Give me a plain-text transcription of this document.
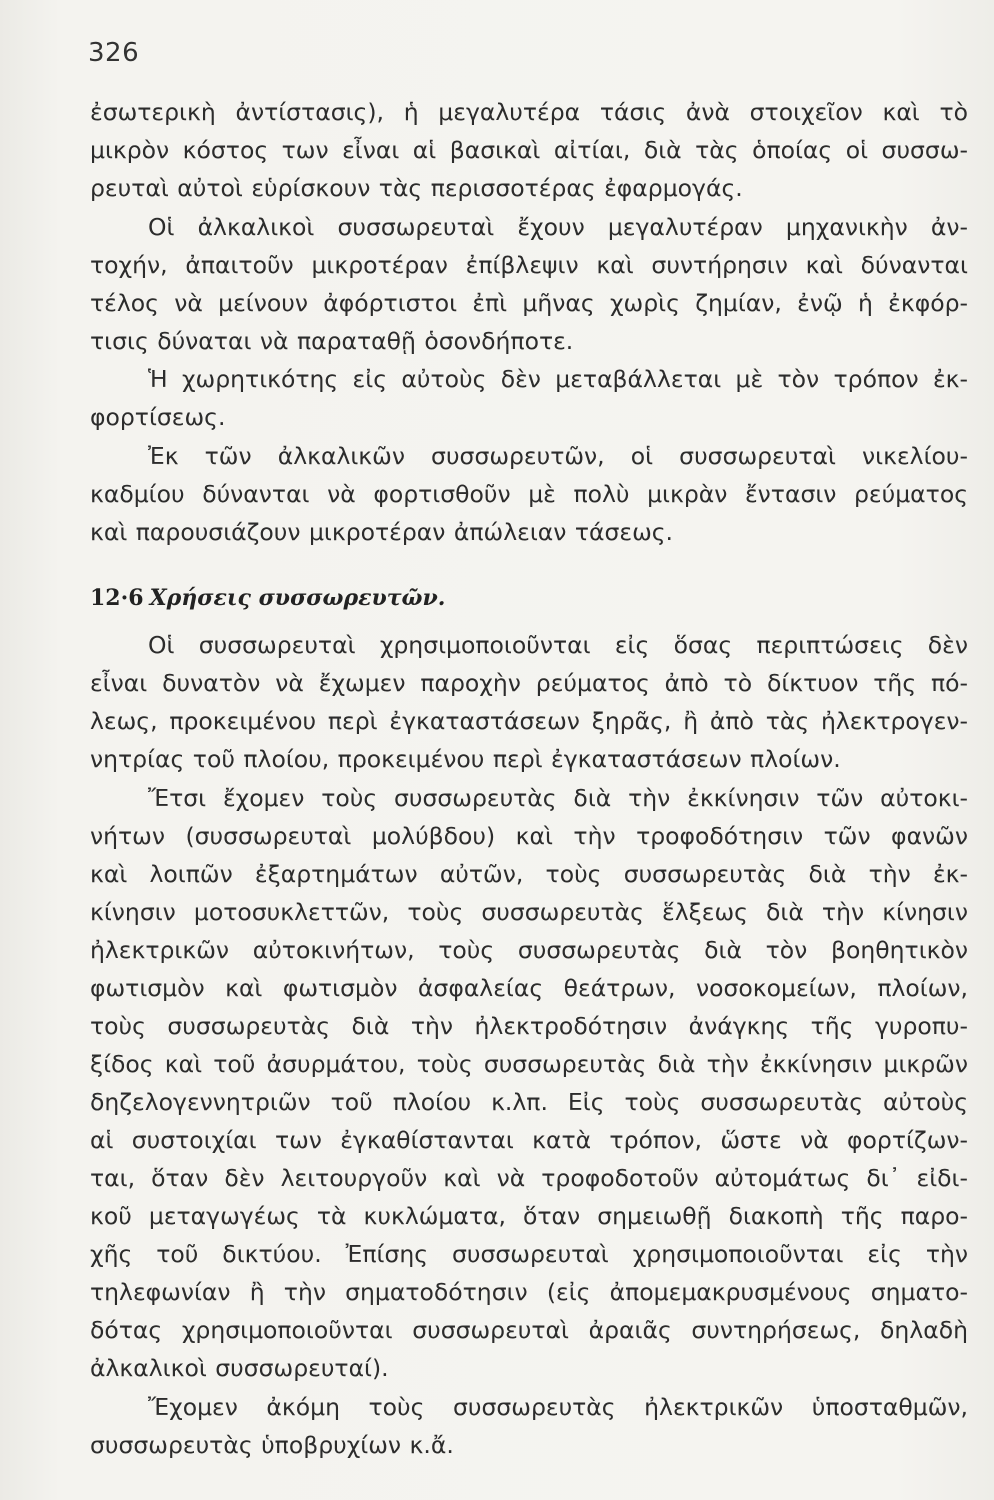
326
ἐσωτερικὴ ἀντίστασις), ἡ μεγαλυτέρα τάσις ἀνὰ στοιχεῖον καὶ τὸ
μικρὸν κόστος των εἶναι αἱ βασικαὶ αἰτίαι, διὰ τὰς ὁποίας οἱ συσσω-
ρευταὶ αὐτοὶ εὑρίσκουν τὰς περισσοτέρας ἐφαρμογάς.
Οἱ ἀλκαλικοὶ συσσωρευταὶ ἔχουν μεγαλυτέραν μηχανικὴν ἀν-
τοχήν, ἀπαιτοῦν μικροτέραν ἐπίβλεψιν καὶ συντήρησιν καὶ δύνανται
τέλος νὰ μείνουν ἀφόρτιστοι ἐπὶ μῆνας χωρὶς ζημίαν, ἐνῷ ἡ ἐκφόρ-
τισις δύναται νὰ παραταθῇ ὁσονδήποτε.
Ἡ χωρητικότης εἰς αὐτοὺς δὲν μεταβάλλεται μὲ τὸν τρόπον ἐκ-
φορτίσεως.
Ἐκ τῶν ἀλκαλικῶν συσσωρευτῶν, οἱ συσσωρευταὶ νικελίου-
καδμίου δύνανται νὰ φορτισθοῦν μὲ πολὺ μικρὰν ἔντασιν ρεύματος
καὶ παρουσιάζουν μικροτέραν ἀπώλειαν τάσεως.
12·6 Χρήσεις συσσωρευτῶν.
Οἱ συσσωρευταὶ χρησιμοποιοῦνται εἰς ὅσας περιπτώσεις δὲν
εἶναι δυνατὸν νὰ ἔχωμεν παροχὴν ρεύματος ἀπὸ τὸ δίκτυον τῆς πό-
λεως, προκειμένου περὶ ἐγκαταστάσεων ξηρᾶς, ἢ ἀπὸ τὰς ἠλεκτρογεν-
νητρίας τοῦ πλοίου, προκειμένου περὶ ἐγκαταστάσεων πλοίων.
Ἔτσι ἔχομεν τοὺς συσσωρευτὰς διὰ τὴν ἐκκίνησιν τῶν αὐτοκι-
νήτων (συσσωρευταὶ μολύβδου) καὶ τὴν τροφοδότησιν τῶν φανῶν
καὶ λοιπῶν ἐξαρτημάτων αὐτῶν, τοὺς συσσωρευτὰς διὰ τὴν ἐκ-
κίνησιν μοτοσυκλεττῶν, τοὺς συσσωρευτὰς ἕλξεως διὰ τὴν κίνησιν
ἠλεκτρικῶν αὐτοκινήτων, τοὺς συσσωρευτὰς διὰ τὸν βοηθητικὸν
φωτισμὸν καὶ φωτισμὸν ἀσφαλείας θεάτρων, νοσοκομείων, πλοίων,
τοὺς συσσωρευτὰς διὰ τὴν ἠλεκτροδότησιν ἀνάγκης τῆς γυροπυ-
ξίδος καὶ τοῦ ἀσυρμάτου, τοὺς συσσωρευτὰς διὰ τὴν ἐκκίνησιν μικρῶν
δηζελογεννητριῶν τοῦ πλοίου κ.λπ. Εἰς τοὺς συσσωρευτὰς αὐτοὺς
αἱ συστοιχίαι των ἐγκαθίστανται κατὰ τρόπον, ὥστε νὰ φορτίζων-
ται, ὅταν δὲν λειτουργοῦν καὶ νὰ τροφοδοτοῦν αὐτομάτως δι᾽ εἰδι-
κοῦ μεταγωγέως τὰ κυκλώματα, ὅταν σημειωθῇ διακοπὴ τῆς παρο-
χῆς τοῦ δικτύου. Ἐπίσης συσσωρευταὶ χρησιμοποιοῦνται εἰς τὴν
τηλεφωνίαν ἢ τὴν σηματοδότησιν (εἰς ἀπομεμακρυσμένους σηματο-
δότας χρησιμοποιοῦνται συσσωρευταὶ ἀραιᾶς συντηρήσεως, δηλαδὴ
ἀλκαλικοὶ συσσωρευταί).
Ἔχομεν ἀκόμη τοὺς συσσωρευτὰς ἠλεκτρικῶν ὑποσταθμῶν,
συσσωρευτὰς ὑποβρυχίων κ.ἄ.
